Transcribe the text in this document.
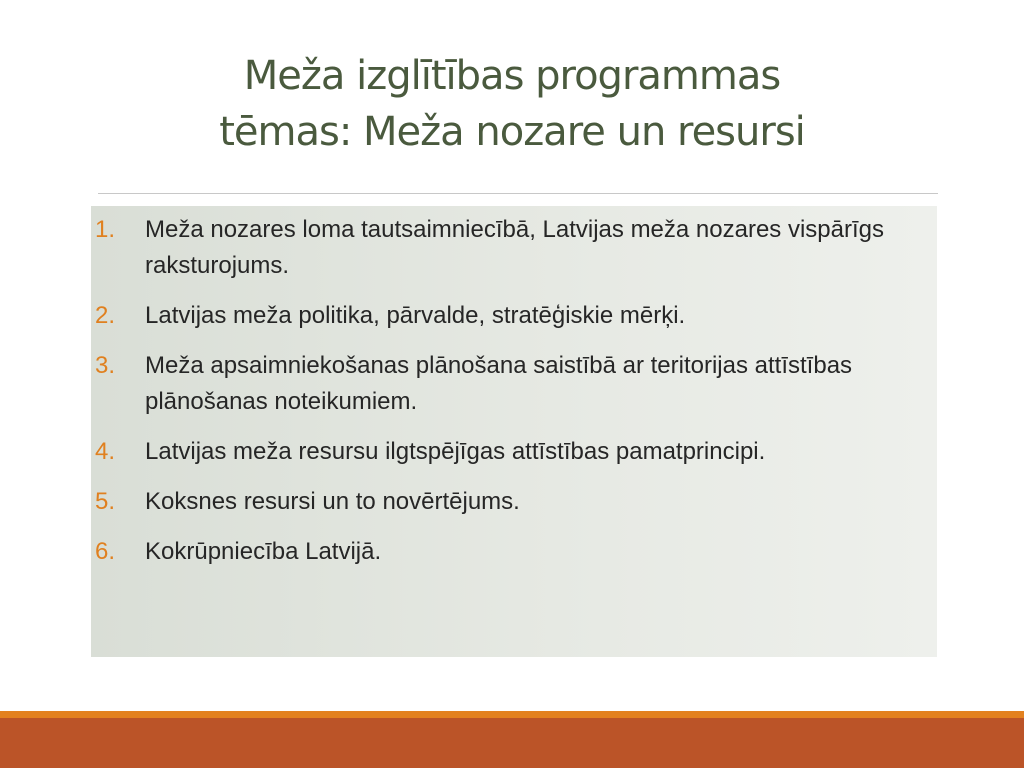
Meža izglītības programmas
tēmas: Meža nozare un resursi
1. Meža nozares loma tautsaimniecībā, Latvijas meža nozares vispārīgs raksturojums.
2. Latvijas meža politika, pārvalde, stratēģiskie mērķi.
3. Meža apsaimniekošanas plānošana saistībā ar teritorijas attīstības plānošanas noteikumiem.
4. Latvijas meža resursu ilgtspējīgas attīstības pamatprincipi.
5. Koksnes resursi un to novērtējums.
6. Kokrūpniecība Latvijā.
